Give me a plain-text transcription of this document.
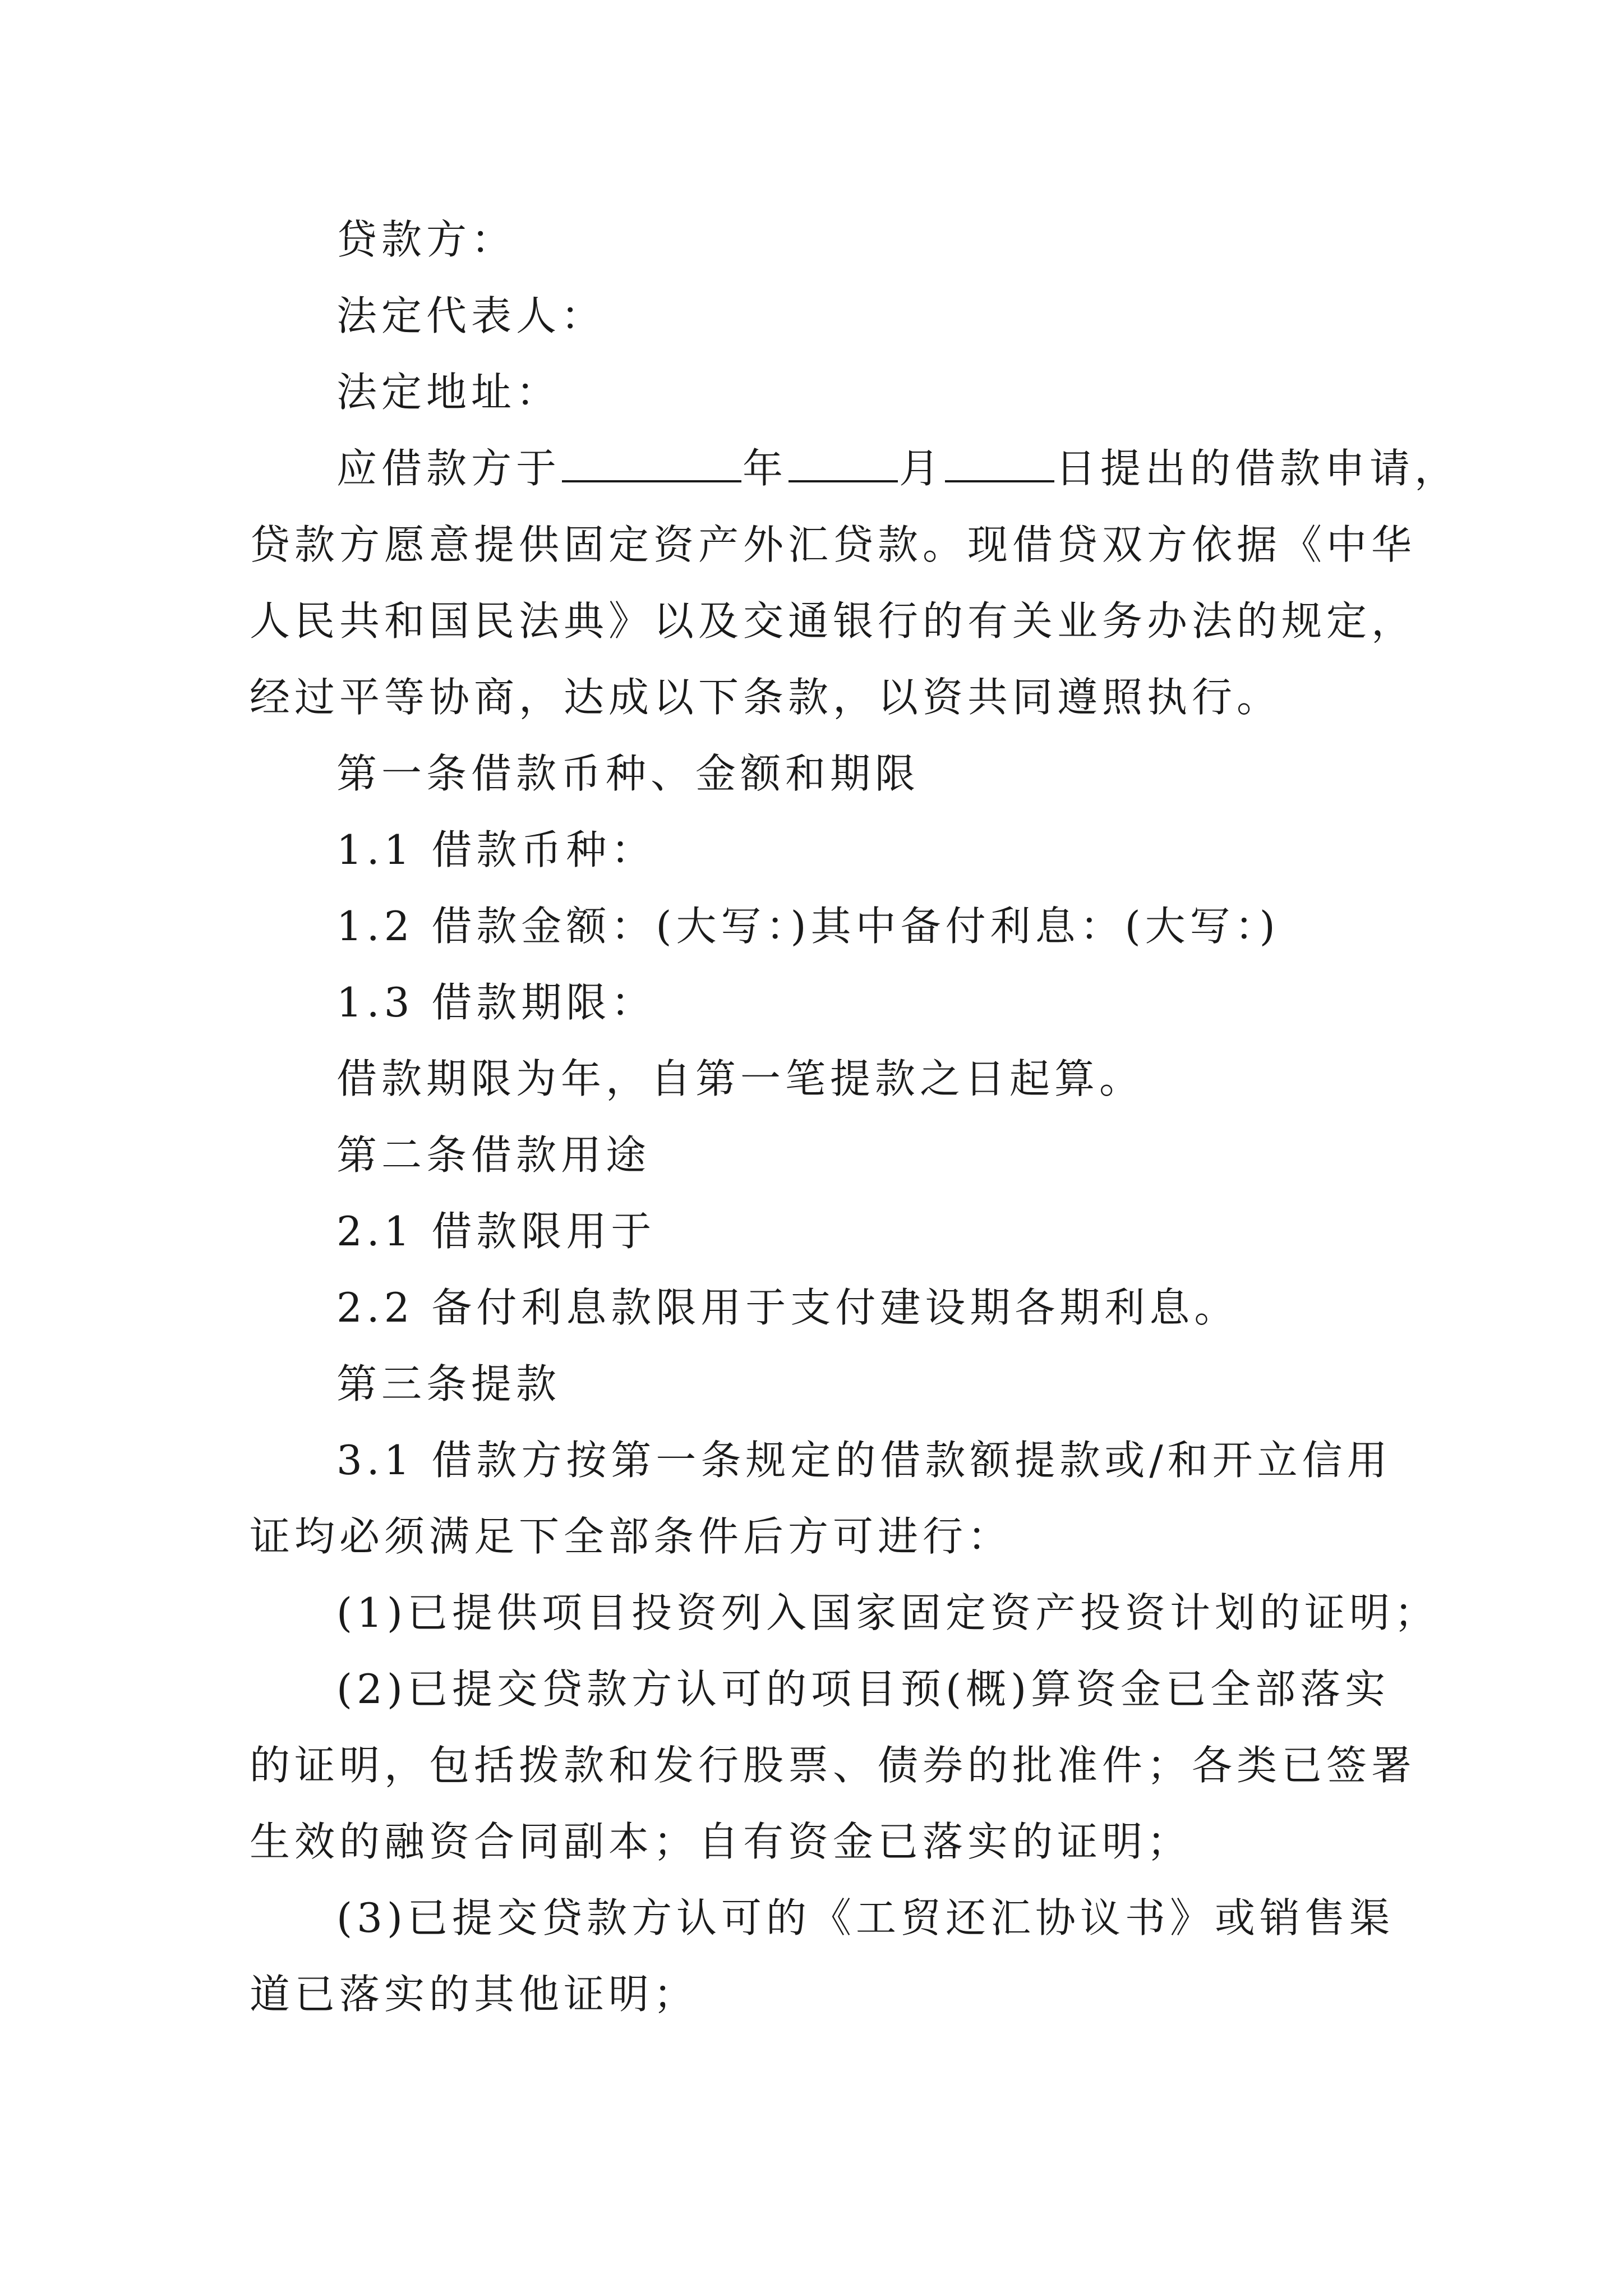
贷款方：
法定代表人：
法定地址：
应借款方于	年	月	日提出的借款申请，
贷款方愿意提供固定资产外汇贷款。现借贷双方依据《中华
人民共和国民法典》以及交通银行的有关业务办法的规定，
经过平等协商，达成以下条款，以资共同遵照执行。
第一条借款币种、金额和期限
1.1 借款币种：
1.2 借款金额：(大写：)其中备付利息：(大写：)
1.3 借款期限：
借款期限为年，自第一笔提款之日起算。
第二条借款用途
2.1 借款限用于
2.2 备付利息款限用于支付建设期各期利息。
第三条提款
3.1 借款方按第一条规定的借款额提款或/和开立信用
证均必须满足下全部条件后方可进行：
(1)已提供项目投资列入国家固定资产投资计划的证明；
(2)已提交贷款方认可的项目预(概)算资金已全部落实
的证明，包括拨款和发行股票、债券的批准件；各类已签署
生效的融资合同副本；自有资金已落实的证明；
(3)已提交贷款方认可的《工贸还汇协议书》或销售渠
道已落实的其他证明；
